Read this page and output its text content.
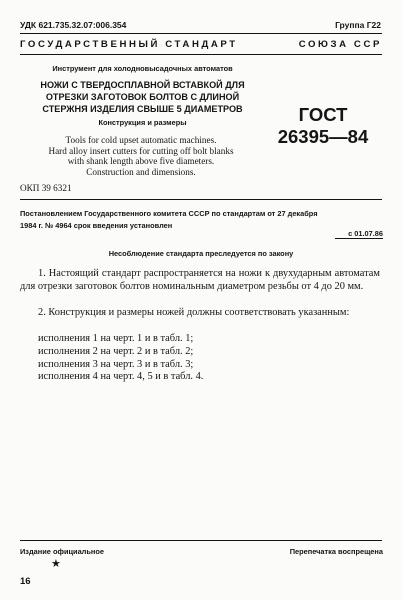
УДК 621.735.32.07:006.354	Группа Г22
ГОСУДАРСТВЕННЫЙ СТАНДАРТ	СОЮЗА ССР
Инструмент для холодновысадочных автоматов
НОЖИ С ТВЕРДОСПЛАВНОЙ ВСТАВКОЙ ДЛЯ
ОТРЕЗКИ ЗАГОТОВОК БОЛТОВ С ДЛИНОЙ
СТЕРЖНЯ ИЗДЕЛИЯ СВЫШЕ 5 ДИАМЕТРОВ
Конструкция и размеры	ГОСТ
26395—84
Tools for cold upset automatic machines.
Hard alloy insert cutters for cutting off bolt blanks
with shank length above five diameters.
Construction and dimensions.
ОКП 39 6321
Постановлением Государственного комитета СССР по стандартам от 27 декабря
1984 г. № 4964 срок введения установлен
с 01.07.86
Несоблюдение стандарта преследуется по закону
1. Настоящий стандарт распространяется на ножи к двухударным автоматам для отрезки заготовок болтов номинальным диаметром резьбы от 4 до 20 мм.
2. Конструкция и размеры ножей должны соответствовать указанным:
исполнения 1 на черт. 1 и в табл. 1;
исполнения 2 на черт. 2 и в табл. 2;
исполнения 3 на черт. 3 и в табл. 3;
исполнения 4 на черт. 4, 5 и в табл. 4.
Издание официальное	Перепечатка воспрещена
★
16
